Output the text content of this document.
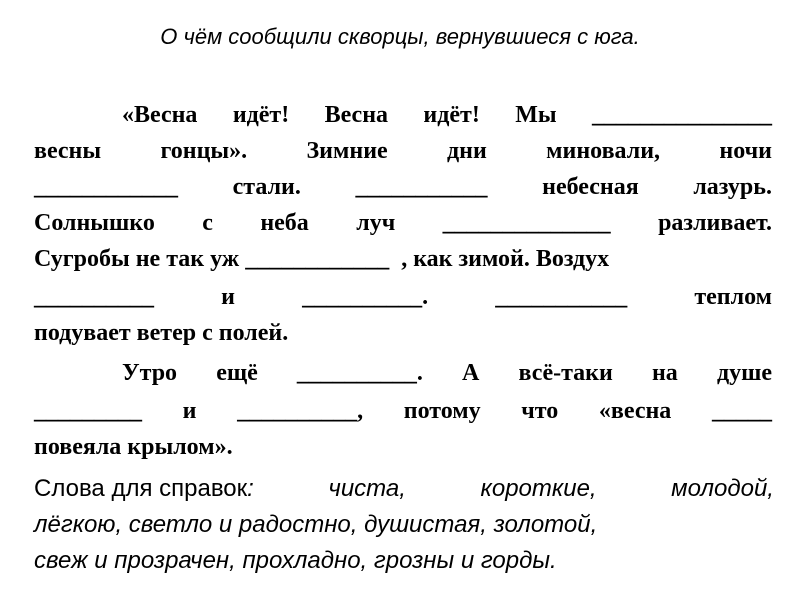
О чём сообщили скворцы, вернувшиеся с юга.
«Весна идёт! Весна идёт! Мы _______________
весны гонцы». Зимние дни миновали, ночи
____________ стали. ___________ небесная лазурь.
Солнышко с неба луч ______________ разливает.
Сугробы не так уж ____________  , как зимой. Воздух
__________	и	__________.	___________	теплом
подувает ветер с полей.
Утро ещё __________. А всё-таки на душе
_________ и __________, потому что «весна _____
повеяла крылом».
Слова для справок:	чиста,	короткие,	молодой,
лёгкою, светло и радостно, душистая, золотой,
свеж и прозрачен, прохладно, грозны и горды.
